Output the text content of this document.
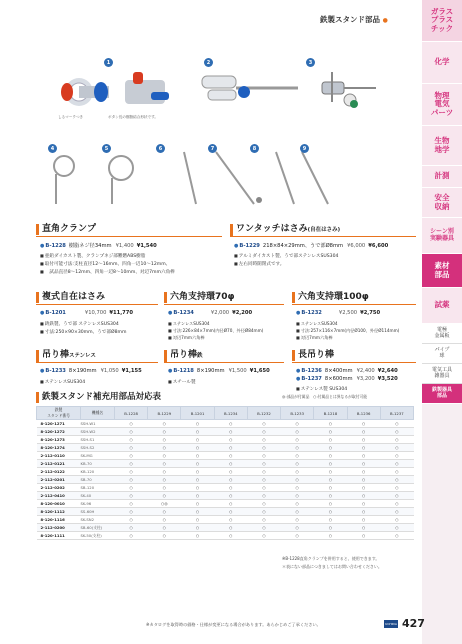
鉄製スタンド部品 ●
ガラス
プラス
チック
化学
物理
電気
パーツ
生物
地学
計測
安全
収納
シーン別
実験器具
素材
部品
試薬
電極
金属板
パイプ
球
電気工具
雑器具
鉄製器具
部品
1
しるマークつき	ポタン長の樹脂結合形状です。
2	3
4	5	6	7	8	9
直角クランプ
● B-1228 樹脂ネジ径34mm ¥1,400 ¥1,540
■ 亜鉛ダイカスト製、クランプネジ部難燃ABS樹脂
■ 取付可能寸法:支柱直径12～16mm、四角一辺10～12mm、
■ 　試品直径8～12mm、四角一辺8～10mm、対辺7mm六角棒
ワンタッチはさみ(自在はさみ)
● B-1229 218×84×29mm、うで部Ø8mm ¥6,000 ¥6,600
■ アルミダイカスト製、うで部ステンレスSUS304
■ 左右同時開閉式です。
複式自在はさみ
● B-1201	¥10,700 ¥11,770
■ 鋳鉄製、うで部 ステンレスSUS304
■ 寸法:250×90×30mm、うで部Ø8mm
六角支持環70φ
● B-1234	¥2,000 ¥2,200
■ ステンレスSUS304
■ 寸法:226×84×7mm(内径Ø70、外径Ø84mm)
■ 対辺7mm六角棒
六角支持環100φ
● B-1232	¥2,500 ¥2,750
■ ステンレスSUS304
■ 寸法:257×116×7mm(内径Ø100、外径Ø114mm)
■ 対辺7mm六角棒
吊り棒ステンレス
● B-1233 8×190mm ¥1,050 ¥1,155
■ ステンレスSUS304
吊り棒鉄
● B-1218 8×190mm ¥1,500 ¥1,650
■ スチール製
長吊り棒
● B-1236 8×400mm ¥2,400 ¥2,640
● B-1237 8×600mm ¥3,200 ¥3,520
■ ステンレス製 SUS304
鉄製スタンド補充用部品対応表	◎:部品が付属品　○:付属品とは異なるが取付可能
鉄製
スタンド番号	機種名	B-1228	B-1229	B-1201	B-1234	B-1232	B-1233	B-1218	B-1236	B-1237
8-120-1271	SSH-W1	○	○	○	○	○	○	○	○	○
8-120-1272	SSH-W2	○	○	○	○	○	○	○	○	○
8-120-1273	SSH-S1	○	○	○	○	○	○	○	○	○
8-120-1274	SSH-S2	○	○	○	○	○	○	○	○	○
2-112-0110	SK-MG	○	○	○	○	○	○	○	○	○
2-112-0121	KB-70	○	○	○	○	○	○	○	○	○
2-112-0122	KB-120	○	○	○	○	○	○	○	○	○
2-112-0201	SB-70	○	○	○	○	○	○	○	○	○
2-112-0202	SB-120	○	○	○	○	○	○	○	○	○
2-112-0410	SK-40	○	○	○	○	○	○	○	○	○
8-120-0010	SK-96	○	○◎	○	○	○	○	○	○	○
8-120-1112	SS-60H	○	○	○	○	○	○	○	○	○
8-120-1116	SK-SN2	○	○	○	○	○	○	○	○	○
2-112-0200	SB-60(支柱)	○	○	○	○	○	○	○	○	○
8-120-1111	SK-50(支柱)	○	○	○	○	○	○	○	○	○
※B-1228直角クランプを併用すると、使用できます。
＊表にない部品につきましてはお問い合わせください。
※カタログを取得時の価格・仕様が変更になる場合があります。あらかじめご了承ください。	UCHIDA 427
